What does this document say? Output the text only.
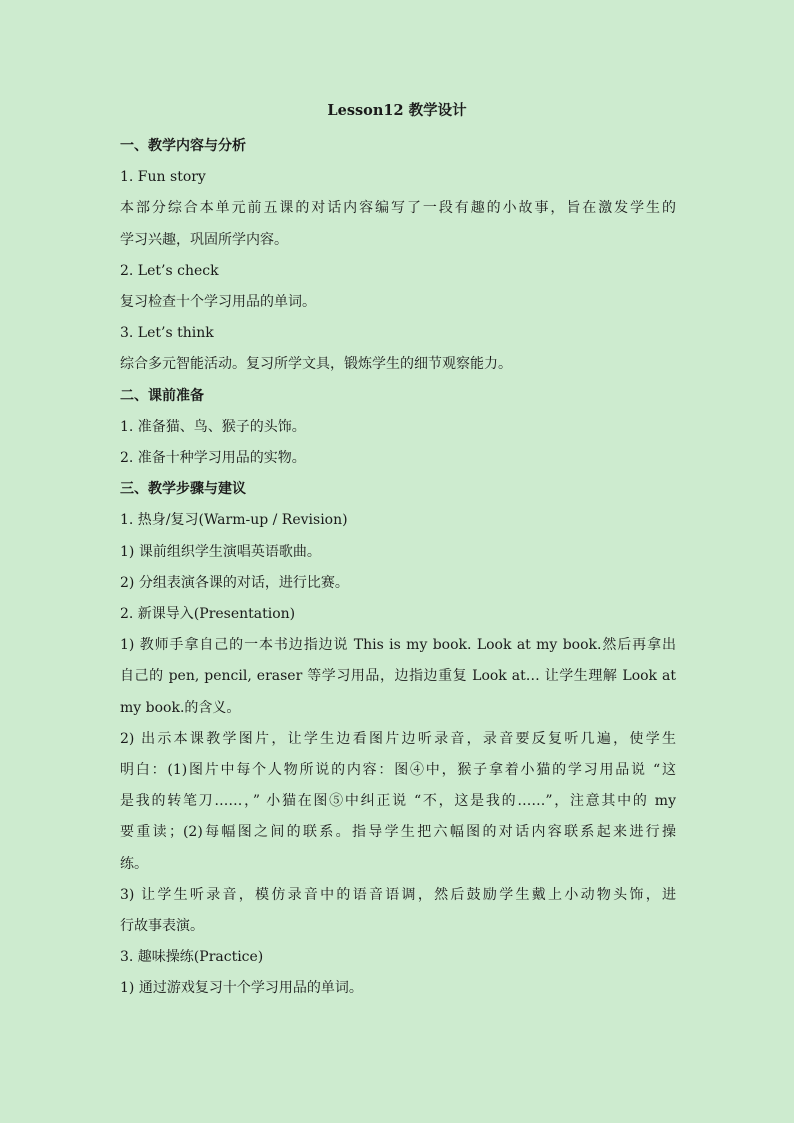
Lesson12 教学设计
一、教学内容与分析
1. Fun story
本部分综合本单元前五课的对话内容编写了一段有趣的小故事，旨在激发学生的
学习兴趣，巩固所学内容。
2. Let’s check
复习检查十个学习用品的单词。
3. Let’s think
综合多元智能活动。复习所学文具，锻炼学生的细节观察能力。
二、课前准备
1. 准备猫、鸟、猴子的头饰。
2. 准备十种学习用品的实物。
三、教学步骤与建议
1. 热身/复习(Warm-up / Revision)
1) 课前组织学生演唱英语歌曲。
2) 分组表演各课的对话，进行比赛。
2. 新课导入(Presentation)
1) 教师手拿自己的一本书边指边说 This is my book. Look at my book.然后再拿出
自己的 pen, pencil, eraser 等学习用品，边指边重复 Look at… 让学生理解 Look at
my book.的含义。
2) 出示本课教学图片，让学生边看图片边听录音，录音要反复听几遍，使学生
明白：(1)图片中每个人物所说的内容：图④中，猴子拿着小猫的学习用品说 “这
是我的转笔刀……，” 小猫在图⑤中纠正说 “不，这是我的……”，注意其中的 my
要重读；(2)每幅图之间的联系。指导学生把六幅图的对话内容联系起来进行操
练。
3) 让学生听录音，模仿录音中的语音语调，然后鼓励学生戴上小动物头饰，进
行故事表演。
3. 趣味操练(Practice)
1) 通过游戏复习十个学习用品的单词。
